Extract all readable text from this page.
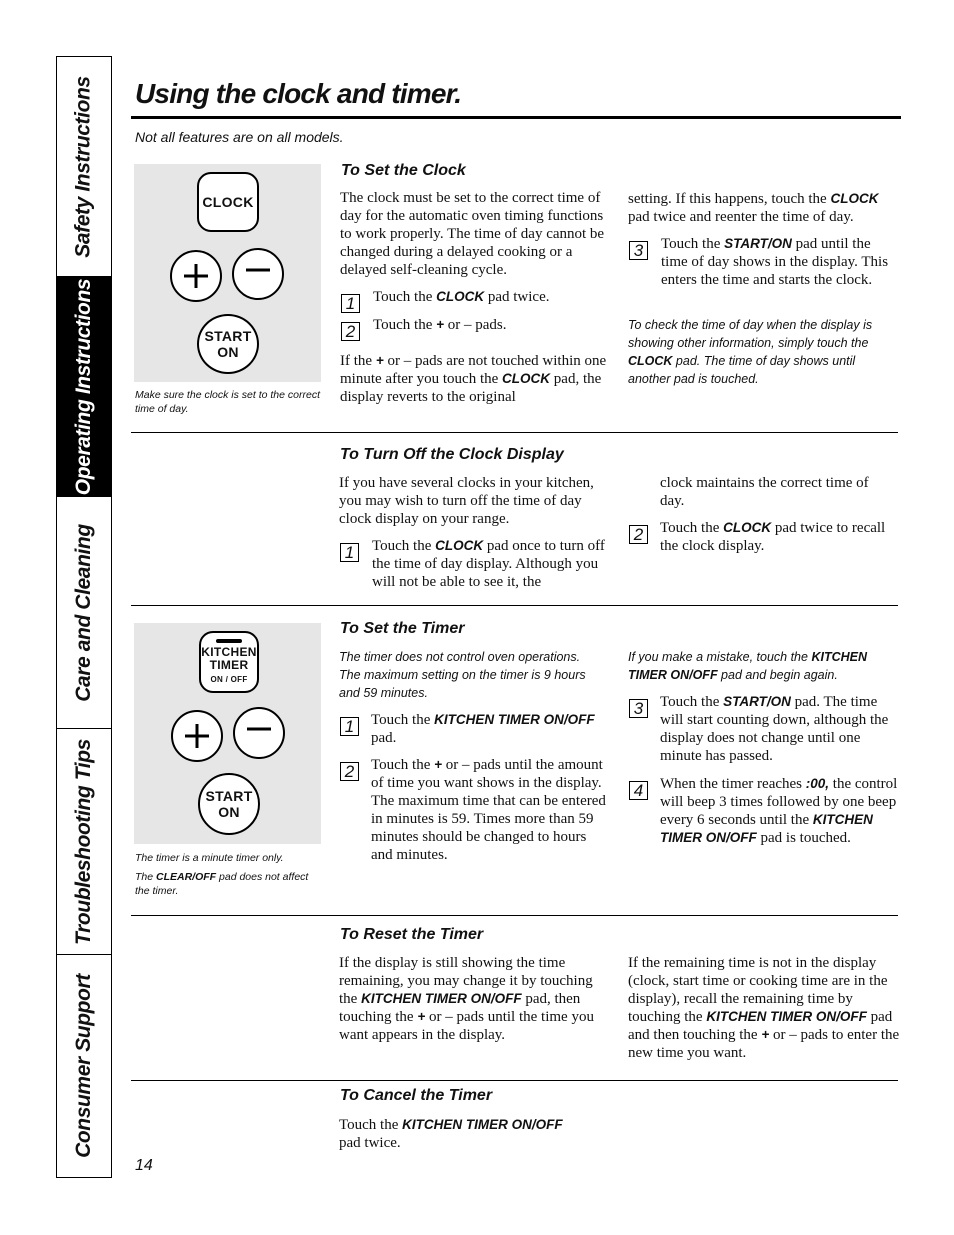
Safety Instructions
Operating Instructions
Care and Cleaning
Troubleshooting Tips
Consumer Support
Using the clock and timer.
Not all features are on all models.
CLOCK
START
ON

Make sure the clock is set to the correct time of day.

To Set the Clock

The clock must be set to the correct time of day for the automatic oven timing functions to work properly. The time of day cannot be changed during a delayed cooking or a delayed self-cleaning cycle.

1	Touch the CLOCK pad twice.
2	Touch the + or – pads.

If the + or – pads are not touched within one minute after you touch the CLOCK pad, the display reverts to the original

setting. If this happens, touch the CLOCK pad twice and reenter the time of day.

3	Touch the START/ON pad until the time of day shows in the display. This enters the time and starts the clock.

To check the time of day when the display is showing other information, simply touch the CLOCK pad. The time of day shows until another pad is touched.

To Turn Off the Clock Display

If you have several clocks in your kitchen, you may wish to turn off the time of day clock display on your range.

1	Touch the CLOCK pad once to turn off the time of day display. Although you will not be able to see it, the

clock maintains the correct time of day.

2	Touch the CLOCK pad twice to recall the clock display.
KITCHEN
TIMER
ON / OFF
START
ON

The timer is a minute timer only.

The CLEAR/OFF pad does not affect the timer.

To Set the Timer

The timer does not control oven operations. The maximum setting on the timer is 9 hours and 59 minutes.

1	Touch the KITCHEN TIMER ON/OFF pad.
2	Touch the + or – pads until the amount of time you want shows in the display. The maximum time that can be entered in minutes is 59. Times more than 59 minutes should be changed to hours and minutes.

If you make a mistake, touch the KITCHEN TIMER ON/OFF pad and begin again.

3	Touch the START/ON pad. The time will start counting down, although the display does not change until one minute has passed.
4	When the timer reaches :00, the control will beep 3 times followed by one beep every 6 seconds until the KITCHEN TIMER ON/OFF pad is touched.
To Reset the Timer

If the display is still showing the time remaining, you may change it by touching the KITCHEN TIMER ON/OFF pad, then touching the + or – pads until the time you want appears in the display.

If the remaining time is not in the display (clock, start time or cooking time are in the display), recall the remaining time by touching the KITCHEN TIMER ON/OFF pad and then touching the + or – pads to enter the new time you want.

To Cancel the Timer

Touch the KITCHEN TIMER ON/OFF pad twice.

14
